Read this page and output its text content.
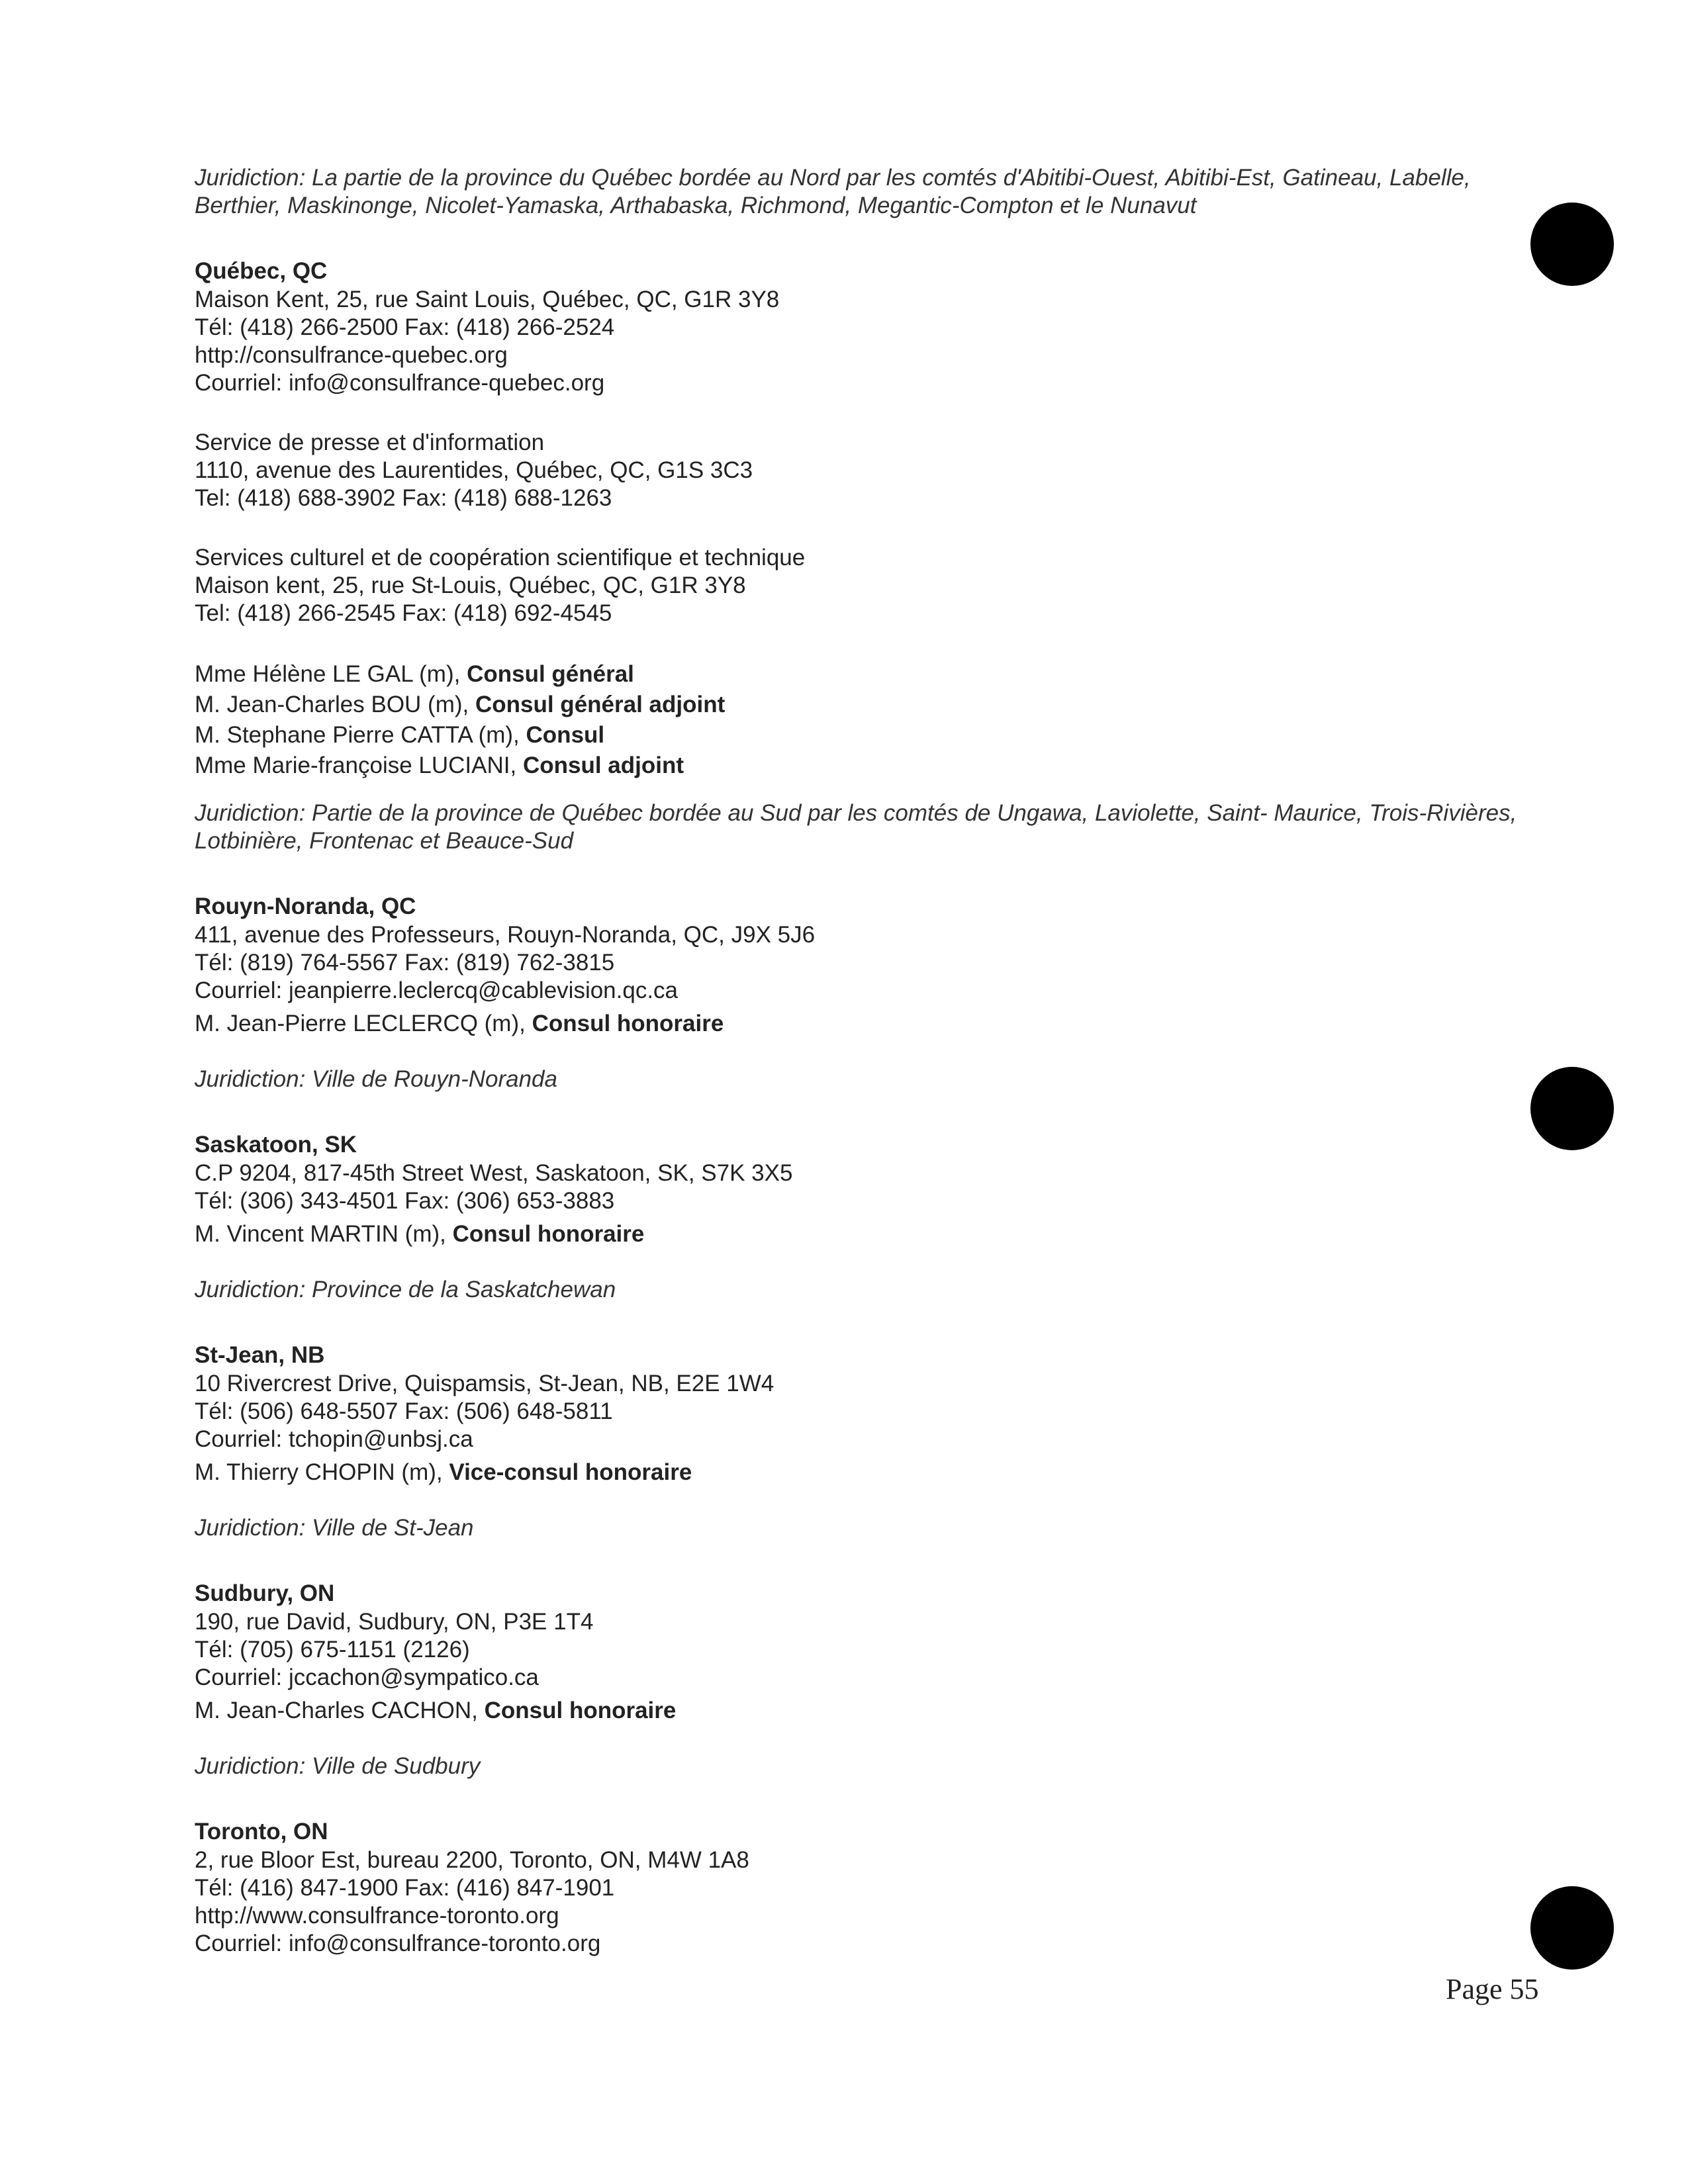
Juridiction: La partie de la province du Québec bordée au Nord par les comtés d'Abitibi-Ouest, Abitibi-Est, Gatineau, Labelle, Berthier, Maskinonge, Nicolet-Yamaska, Arthabaska, Richmond, Megantic-Compton et le Nunavut
Québec, QC
Maison Kent, 25, rue Saint Louis, Québec, QC, G1R 3Y8
Tél: (418) 266-2500 Fax: (418) 266-2524
http://consulfrance-quebec.org
Courriel: info@consulfrance-quebec.org
Service de presse et d'information
1110, avenue des Laurentides, Québec, QC, G1S 3C3
Tel: (418) 688-3902 Fax: (418) 688-1263
Services culturel et de coopération scientifique et technique
Maison kent, 25, rue St-Louis, Québec, QC, G1R 3Y8
Tel: (418) 266-2545 Fax: (418) 692-4545
Mme Hélène LE GAL (m), Consul général
M. Jean-Charles BOU (m), Consul général adjoint
M. Stephane Pierre CATTA (m), Consul
Mme Marie-françoise LUCIANI, Consul adjoint
Juridiction: Partie de la province de Québec bordée au Sud par les comtés de Ungawa, Laviolette, Saint- Maurice, Trois-Rivières, Lotbinière, Frontenac et Beauce-Sud
Rouyn-Noranda, QC
411, avenue des Professeurs, Rouyn-Noranda, QC, J9X 5J6
Tél: (819) 764-5567 Fax: (819) 762-3815
Courriel: jeanpierre.leclercq@cablevision.qc.ca
M. Jean-Pierre LECLERCQ (m), Consul honoraire
Juridiction: Ville de Rouyn-Noranda
Saskatoon, SK
C.P 9204, 817-45th Street West, Saskatoon, SK, S7K 3X5
Tél: (306) 343-4501 Fax: (306) 653-3883
M. Vincent MARTIN (m), Consul honoraire
Juridiction: Province de la Saskatchewan
St-Jean, NB
10 Rivercrest Drive, Quispamsis, St-Jean, NB, E2E 1W4
Tél: (506) 648-5507 Fax: (506) 648-5811
Courriel: tchopin@unbsj.ca
M. Thierry CHOPIN (m), Vice-consul honoraire
Juridiction: Ville de St-Jean
Sudbury, ON
190, rue David, Sudbury, ON, P3E 1T4
Tél: (705) 675-1151 (2126)
Courriel: jccachon@sympatico.ca
M. Jean-Charles CACHON, Consul honoraire
Juridiction: Ville de Sudbury
Toronto, ON
2, rue Bloor Est, bureau 2200, Toronto, ON, M4W 1A8
Tél: (416) 847-1900 Fax: (416) 847-1901
http://www.consulfrance-toronto.org
Courriel: info@consulfrance-toronto.org
Page 55
